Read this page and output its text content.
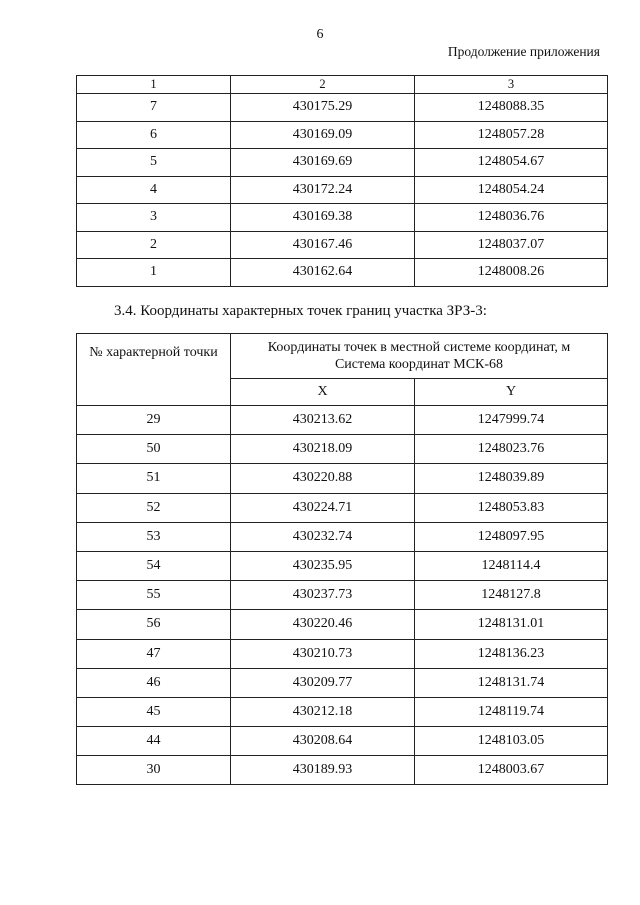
6
Продолжение приложения
1	2	3
7	430175.29	1248088.35
6	430169.09	1248057.28
5	430169.69	1248054.67
4	430172.24	1248054.24
3	430169.38	1248036.76
2	430167.46	1248037.07
1	430162.64	1248008.26
3.4. Координаты характерных точек границ участка ЗРЗ-3:
№ характерной точки	Координаты точек в местной системе координат, м
Система координат МСК-68	

	X	Y
29	430213.62	1247999.74
50	430218.09	1248023.76
51	430220.88	1248039.89
52	430224.71	1248053.83
53	430232.74	1248097.95
54	430235.95	1248114.4
55	430237.73	1248127.8
56	430220.46	1248131.01
47	430210.73	1248136.23
46	430209.77	1248131.74
45	430212.18	1248119.74
44	430208.64	1248103.05
30	430189.93	1248003.67
